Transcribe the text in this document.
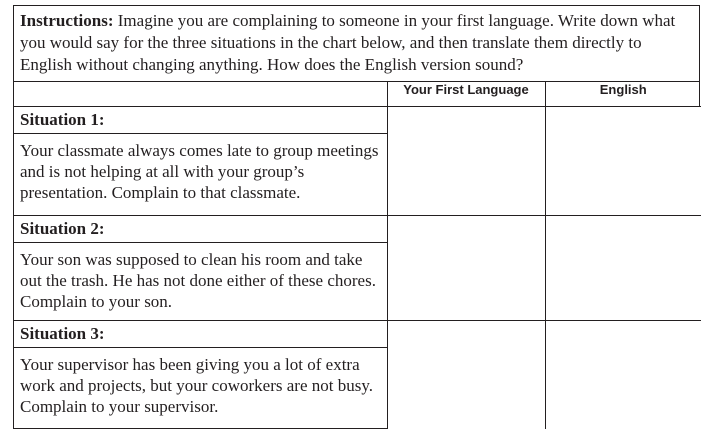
Instructions: Imagine you are complaining to someone in your first language. Write down what you would say for the three situations in the chart below, and then translate them directly to English without changing anything. How does the English version sound?
	Your First Language	English

Situation 1:
Your classmate always comes late to group meetings and is not helping at all with your group’s presentation. Complain to that classmate.		

Situation 2:
Your son was supposed to clean his room and take out the trash. He has not done either of these chores. Complain to your son.		

Situation 3:
Your supervisor has been giving you a lot of extra work and projects, but your coworkers are not busy. Complain to your supervisor.		
